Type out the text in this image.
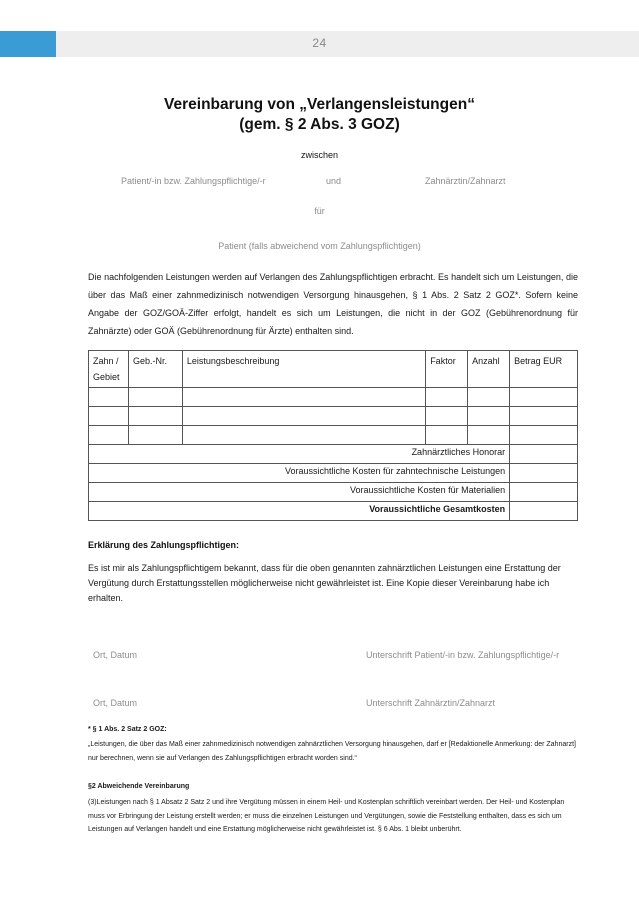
24
Vereinbarung von „Verlangensleistungen“
(gem. § 2 Abs. 3 GOZ)
zwischen
Patient/-in bzw. Zahlungspflichtige/-r	und	Zahnärztin/Zahnarzt
für
Patient (falls abweichend vom Zahlungspflichtigen)
Die nachfolgenden Leistungen werden auf Verlangen des Zahlungspflichtigen erbracht. Es handelt sich um Leistungen, die über das Maß einer zahnmedizinisch notwendigen Versorgung hinausgehen, § 1 Abs. 2 Satz 2 GOZ*. Sofern keine Angabe der GOZ/GOÄ-Ziffer erfolgt, handelt es sich um Leistungen, die nicht in der GOZ (Gebührenordnung für Zahnärzte) oder GOÄ (Gebührenordnung für Ärzte) enthalten sind.
Zahn / Gebiet	Geb.-Nr.	Leistungsbeschreibung	Faktor	Anzahl	Betrag EUR

Zahnärztliches Honorar					
Voraussichtliche Kosten für zahntechnische Leistungen					
Voraussichtliche Kosten für Materialien					
Voraussichtliche Gesamtkosten					
Erklärung des Zahlungspflichtigen:
Es ist mir als Zahlungspflichtigem bekannt, dass für die oben genannten zahnärztlichen Leistungen eine Erstattung der Vergütung durch Erstattungsstellen möglicherweise nicht gewährleistet ist. Eine Kopie dieser Vereinbarung habe ich erhalten.
Ort, Datum	Unterschrift Patient/-in bzw. Zahlungspflichtige/-r
Ort, Datum	Unterschrift Zahnärztin/Zahnarzt
* § 1 Abs. 2 Satz 2 GOZ:
„Leistungen, die über das Maß einer zahnmedizinisch notwendigen zahnärztlichen Versorgung hinausgehen, darf er [Redaktionelle Anmerkung: der Zahnarzt] nur berechnen, wenn sie auf Verlangen des Zahlungspflichtigen erbracht worden sind.“
§2 Abweichende Vereinbarung
(3)Leistungen nach § 1 Absatz 2 Satz 2 und ihre Vergütung müssen in einem Heil- und Kostenplan schriftlich vereinbart werden. Der Heil- und Kostenplan muss vor Erbringung der Leistung erstellt werden; er muss die einzelnen Leistungen und Vergütungen, sowie die Feststellung enthalten, dass es sich um Leistungen auf Verlangen handelt und eine Erstattung möglicherweise nicht gewährleistet ist. § 6 Abs. 1 bleibt unberührt.
